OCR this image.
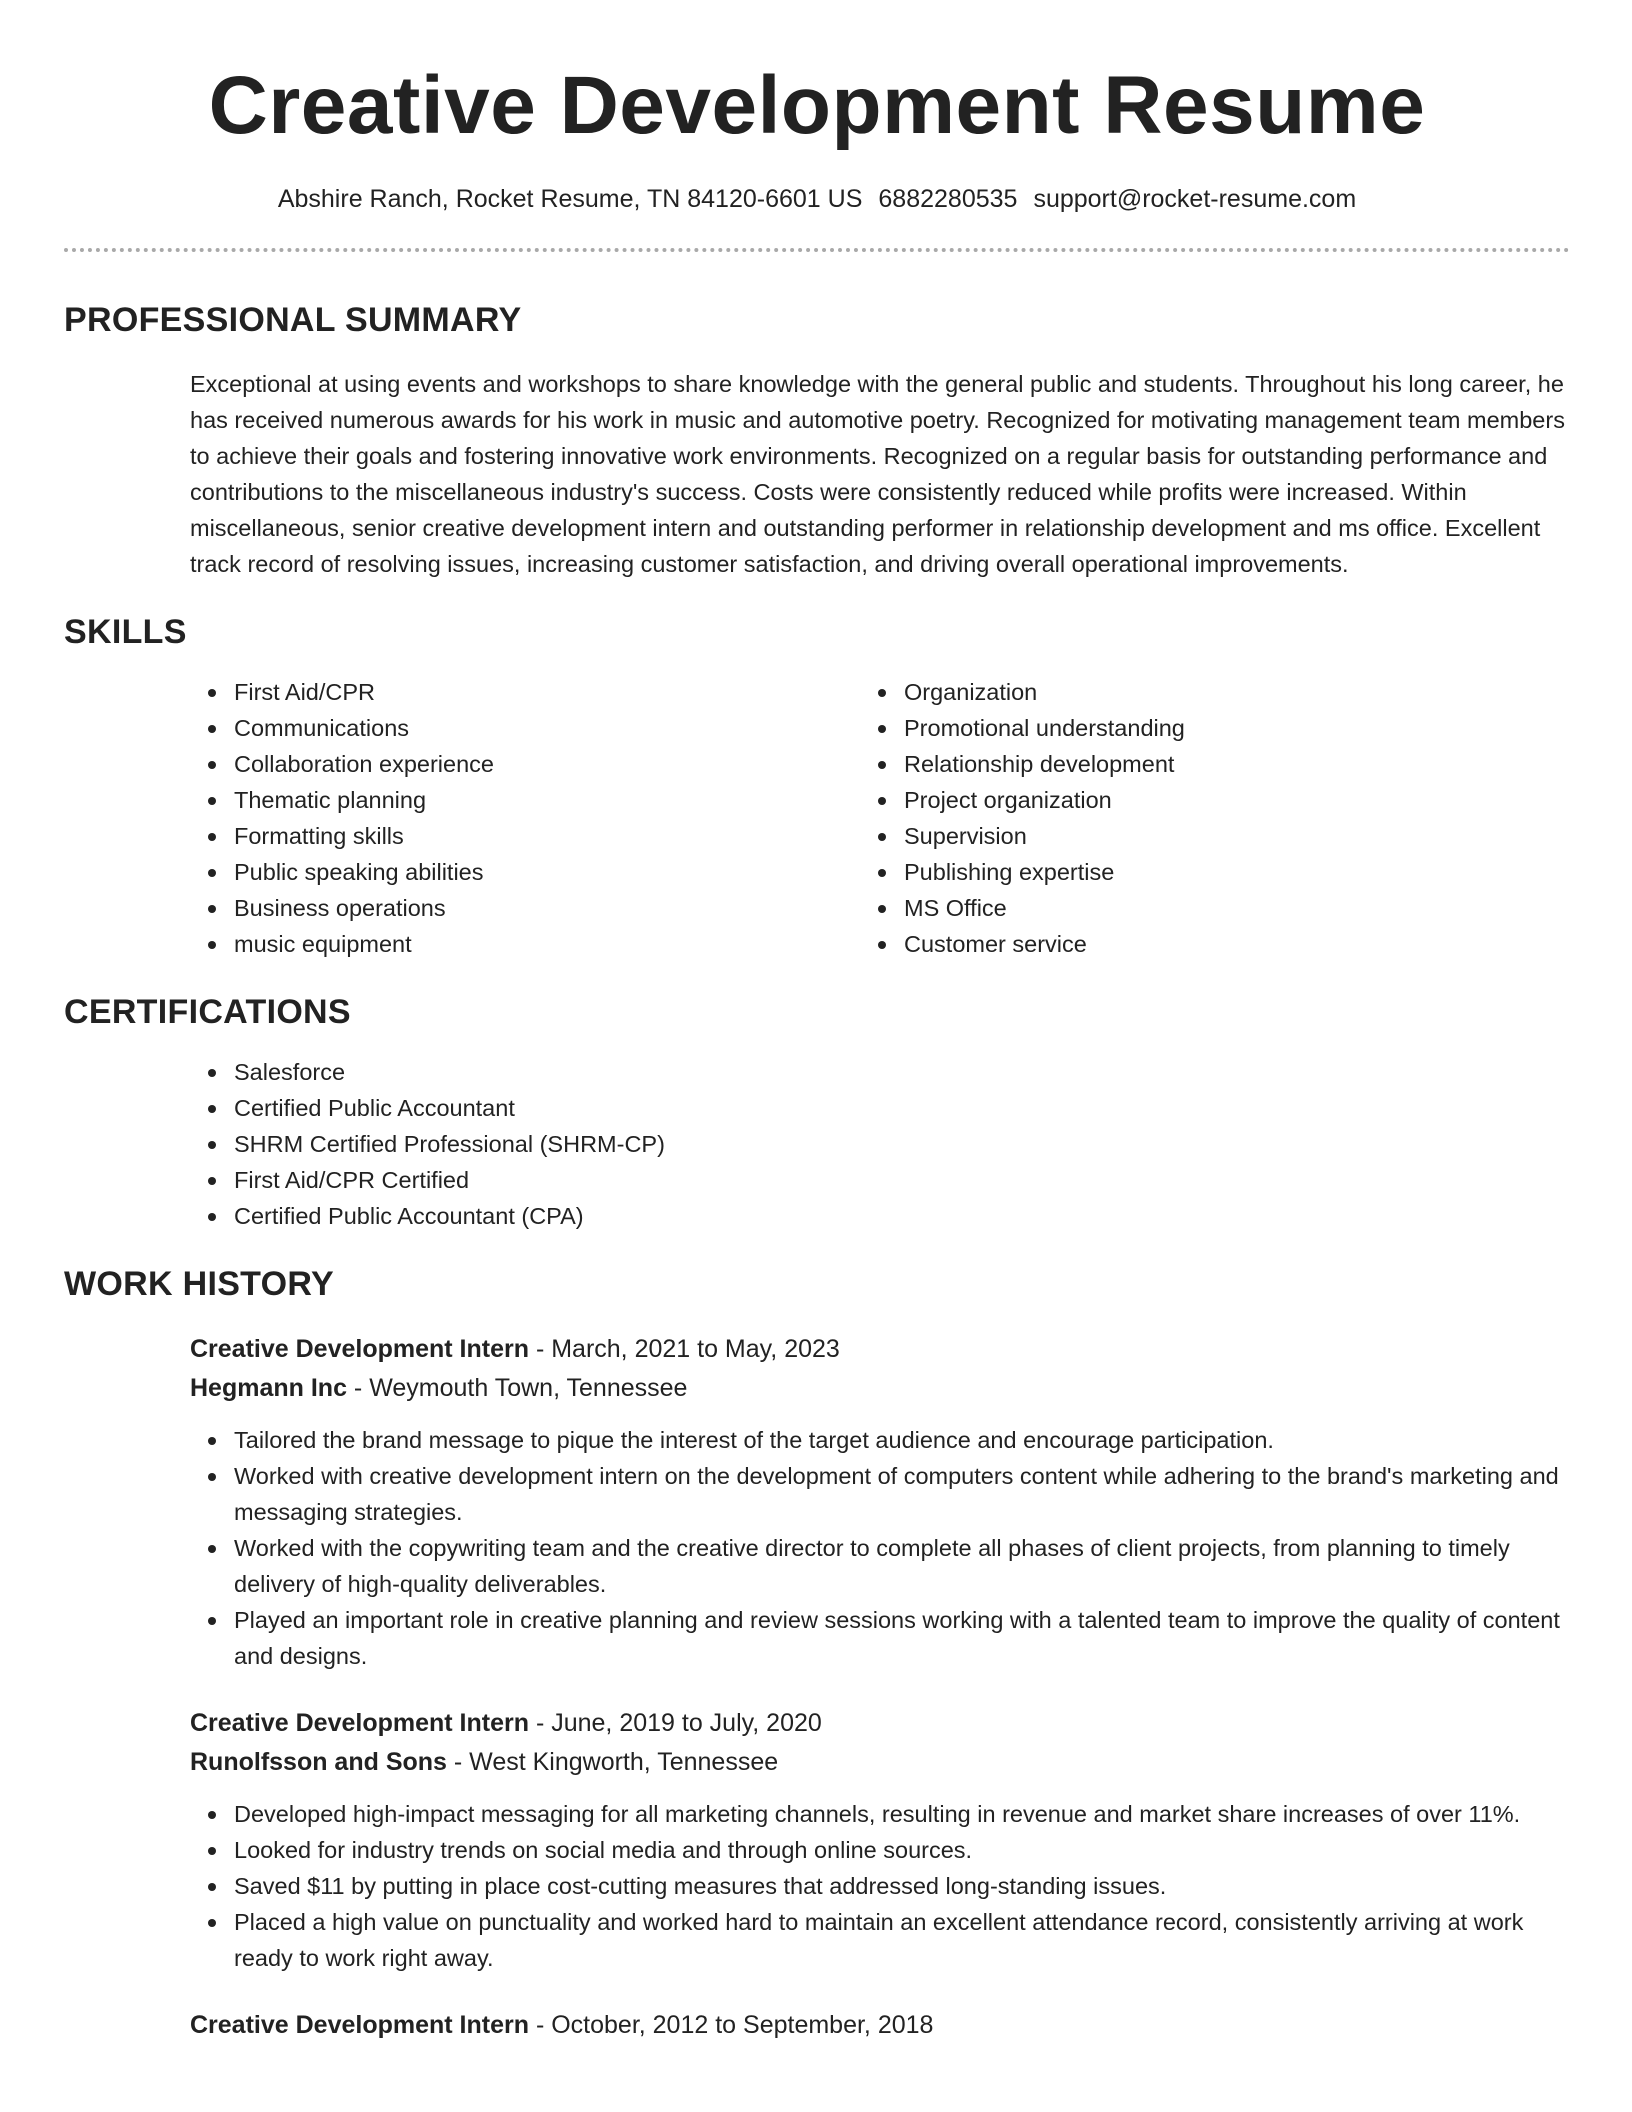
Creative Development Resume
Abshire Ranch, Rocket Resume, TN 84120-6601 US 6882280535 support@rocket-resume.com
PROFESSIONAL SUMMARY

Exceptional at using events and workshops to share knowledge with the general public and students. Throughout his long career, he has received numerous awards for his work in music and automotive poetry. Recognized for motivating management team members to achieve their goals and fostering innovative work environments. Recognized on a regular basis for outstanding performance and contributions to the miscellaneous industry's success. Costs were consistently reduced while profits were increased. Within miscellaneous, senior creative development intern and outstanding performer in relationship development and ms office. Excellent track record of resolving issues, increasing customer satisfaction, and driving overall operational improvements.

SKILLS
First Aid/CPR
Communications
Collaboration experience
Thematic planning
Formatting skills
Public speaking abilities
Business operations
music equipment
Organization
Promotional understanding
Relationship development
Project organization
Supervision
Publishing expertise
MS Office
Customer service
CERTIFICATIONS
Salesforce
Certified Public Accountant
SHRM Certified Professional (SHRM-CP)
First Aid/CPR Certified
Certified Public Accountant (CPA)
WORK HISTORY
Creative Development Intern - March, 2021 to May, 2023
Hegmann Inc - Weymouth Town, Tennessee
Tailored the brand message to pique the interest of the target audience and encourage participation.
Worked with creative development intern on the development of computers content while adhering to the brand's marketing and messaging strategies.
Worked with the copywriting team and the creative director to complete all phases of client projects, from planning to timely delivery of high-quality deliverables.
Played an important role in creative planning and review sessions working with a talented team to improve the quality of content and designs.
Creative Development Intern - June, 2019 to July, 2020
Runolfsson and Sons - West Kingworth, Tennessee
Developed high-impact messaging for all marketing channels, resulting in revenue and market share increases of over 11%.
Looked for industry trends on social media and through online sources.
Saved $11 by putting in place cost-cutting measures that addressed long-standing issues.
Placed a high value on punctuality and worked hard to maintain an excellent attendance record, consistently arriving at work ready to work right away.
Creative Development Intern - October, 2012 to September, 2018
